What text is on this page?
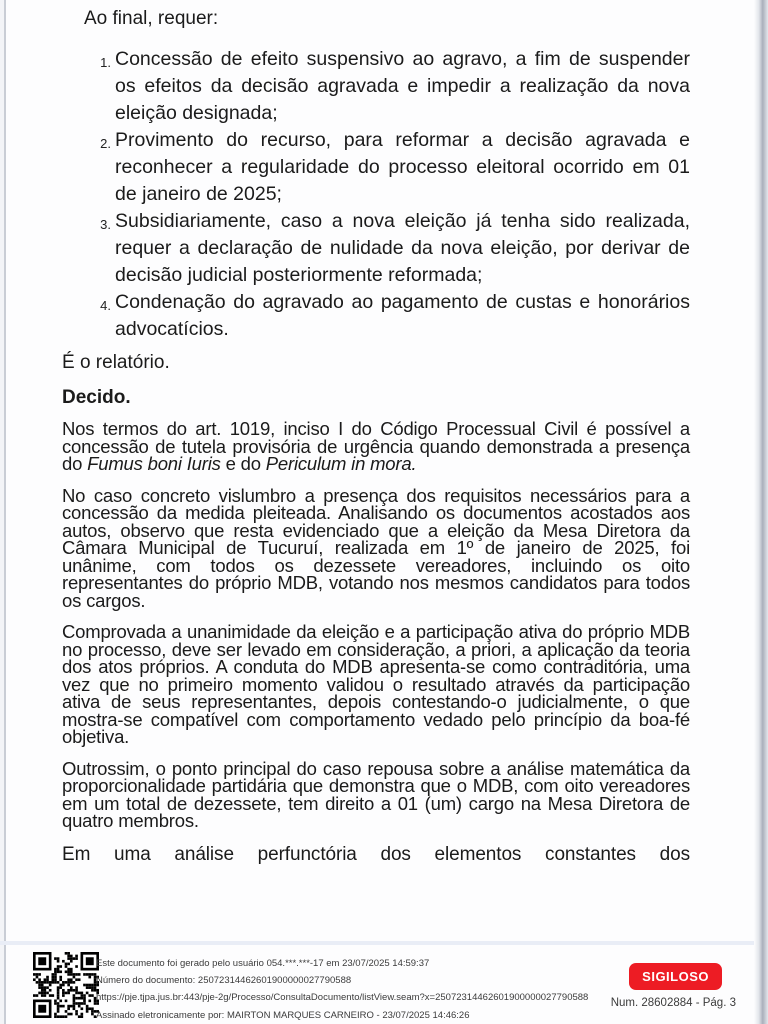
Ao final, requer:

1. Concessão de efeito suspensivo ao agravo, a fim de suspender os efeitos da decisão agravada e impedir a realização da nova eleição designada;
2. Provimento do recurso, para reformar a decisão agravada e reconhecer a regularidade do processo eleitoral ocorrido em 01 de janeiro de 2025;
3. Subsidiariamente, caso a nova eleição já tenha sido realizada, requer a declaração de nulidade da nova eleição, por derivar de decisão judicial posteriormente reformada;
4. Condenação do agravado ao pagamento de custas e honorários advocatícios.

É o relatório.

Decido.

Nos termos do art. 1019, inciso I do Código Processual Civil é possível a concessão de tutela provisória de urgência quando demonstrada a presença do Fumus boni Iuris e do Periculum in mora.

No caso concreto vislumbro a presença dos requisitos necessários para a concessão da medida pleiteada. Analisando os documentos acostados aos autos, observo que resta evidenciado que a eleição da Mesa Diretora da Câmara Municipal de Tucuruí, realizada em 1º de janeiro de 2025, foi unânime, com todos os dezessete vereadores, incluindo os oito representantes do próprio MDB, votando nos mesmos candidatos para todos os cargos.

Comprovada a unanimidade da eleição e a participação ativa do próprio MDB no processo, deve ser levado em consideração, a priori, a aplicação da teoria dos atos próprios. A conduta do MDB apresenta-se como contraditória, uma vez que no primeiro momento validou o resultado através da participação ativa de seus representantes, depois contestando-o judicialmente, o que mostra-se compatível com comportamento vedado pelo princípio da boa-fé objetiva.

Outrossim, o ponto principal do caso repousa sobre a análise matemática da proporcionalidade partidária que demonstra que o MDB, com oito vereadores em um total de dezessete, tem direito a 01 (um) cargo na Mesa Diretora de quatro membros.

Em uma análise perfunctória dos elementos constantes dos

Este documento foi gerado pelo usuário 054.***.***-17 em 23/07/2025 14:59:37
Número do documento: 25072314462601900000027790588
https://pje.tjpa.jus.br:443/pje-2g/Processo/ConsultaDocumento/listView.seam?x=25072314462601900000027790588
Assinado eletronicamente por: MAIRTON MARQUES CARNEIRO - 23/07/2025 14:46:26
SIGILOSO
Num. 28602884 - Pág. 3
